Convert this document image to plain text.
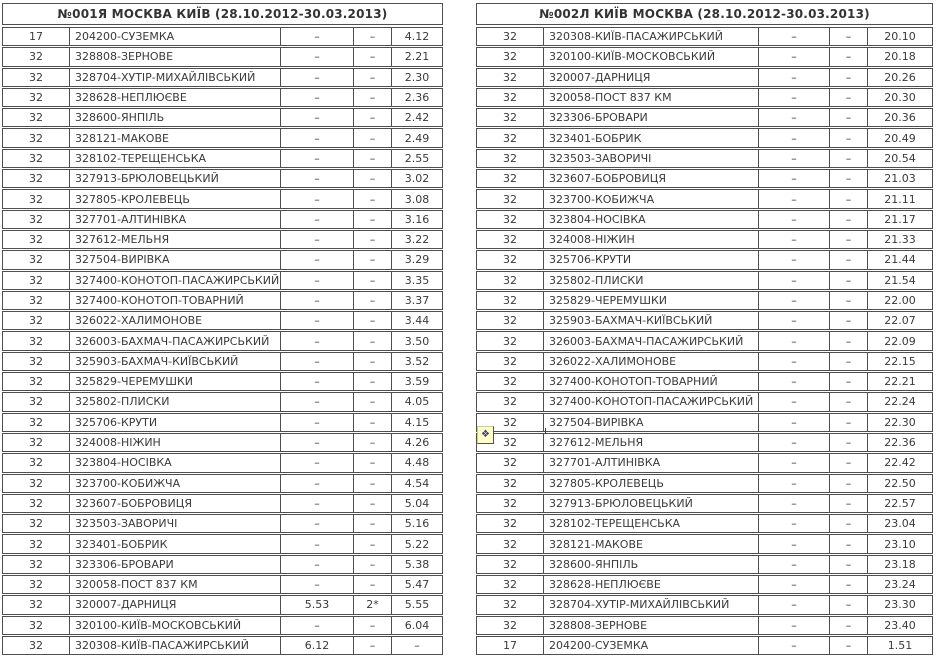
№001Я МОСКВА КИЇВ (28.10.2012-30.03.2013)
17	204200-СУЗЕМКА	–	–	4.12
32	328808-ЗЕРНОВЕ	–	–	2.21
32	328704-ХУТІР-МИХАЙЛІВСЬКИЙ	–	–	2.30
32	328628-НЕПЛЮЄВЕ	–	–	2.36
32	328600-ЯНПІЛЬ	–	–	2.42
32	328121-МАКОВЕ	–	–	2.49
32	328102-ТЕРЕЩЕНСЬКА	–	–	2.55
32	327913-БРЮЛОВЕЦЬКИЙ	–	–	3.02
32	327805-КРОЛЕВЕЦЬ	–	–	3.08
32	327701-АЛТИНІВКА	–	–	3.16
32	327612-МЕЛЬНЯ	–	–	3.22
32	327504-ВИРІВКА	–	–	3.29
32	327400-КОНОТОП-ПАСАЖИРСЬКИЙ	–	–	3.35
32	327400-КОНОТОП-ТОВАРНИЙ	–	–	3.37
32	326022-ХАЛИМОНОВЕ	–	–	3.44
32	326003-БАХМАЧ-ПАСАЖИРСЬКИЙ	–	–	3.50
32	325903-БАХМАЧ-КИЇВСЬКИЙ	–	–	3.52
32	325829-ЧЕРЕМУШКИ	–	–	3.59
32	325802-ПЛИСКИ	–	–	4.05
32	325706-КРУТИ	–	–	4.15
32	324008-НІЖИН	–	–	4.26
32	323804-НОСІВКА	–	–	4.48
32	323700-КОБИЖЧА	–	–	4.54
32	323607-БОБРОВИЦЯ	–	–	5.04
32	323503-ЗАВОРИЧІ	–	–	5.16
32	323401-БОБРИК	–	–	5.22
32	323306-БРОВАРИ	–	–	5.38
32	320058-ПОСТ 837 КМ	–	–	5.47
32	320007-ДАРНИЦЯ	5.53	2*	5.55
32	320100-КИЇВ-МОСКОВСЬКИЙ	–	–	6.04
32	320308-КИЇВ-ПАСАЖИРСЬКИЙ	6.12	–	–
№002Л КИЇВ МОСКВА (28.10.2012-30.03.2013)
32	320308-КИЇВ-ПАСАЖИРСЬКИЙ	–	–	20.10
32	320100-КИЇВ-МОСКОВСЬКИЙ	–	–	20.18
32	320007-ДАРНИЦЯ	–	–	20.26
32	320058-ПОСТ 837 КМ	–	–	20.30
32	323306-БРОВАРИ	–	–	20.36
32	323401-БОБРИК	–	–	20.49
32	323503-ЗАВОРИЧІ	–	–	20.54
32	323607-БОБРОВИЦЯ	–	–	21.03
32	323700-КОБИЖЧА	–	–	21.11
32	323804-НОСІВКА	–	–	21.17
32	324008-НІЖИН	–	–	21.33
32	325706-КРУТИ	–	–	21.44
32	325802-ПЛИСКИ	–	–	21.54
32	325829-ЧЕРЕМУШКИ	–	–	22.00
32	325903-БАХМАЧ-КИЇВСЬКИЙ	–	–	22.07
32	326003-БАХМАЧ-ПАСАЖИРСЬКИЙ	–	–	22.09
32	326022-ХАЛИМОНОВЕ	–	–	22.15
32	327400-КОНОТОП-ТОВАРНИЙ	–	–	22.21
32	327400-КОНОТОП-ПАСАЖИРСЬКИЙ	–	–	22.24
32	327504-ВИРІВКА	–	–	22.30
32	327612-МЕЛЬНЯ	–	–	22.36
32	327701-АЛТИНІВКА	–	–	22.42
32	327805-КРОЛЕВЕЦЬ	–	–	22.50
32	327913-БРЮЛОВЕЦЬКИЙ	–	–	22.57
32	328102-ТЕРЕЩЕНСЬКА	–	–	23.04
32	328121-МАКОВЕ	–	–	23.10
32	328600-ЯНПІЛЬ	–	–	23.18
32	328628-НЕПЛЮЄВЕ	–	–	23.24
32	328704-ХУТІР-МИХАЙЛІВСЬКИЙ	–	–	23.30
32	328808-ЗЕРНОВЕ	–	–	23.40
17	204200-СУЗЕМКА	–	–	1.51
❖
